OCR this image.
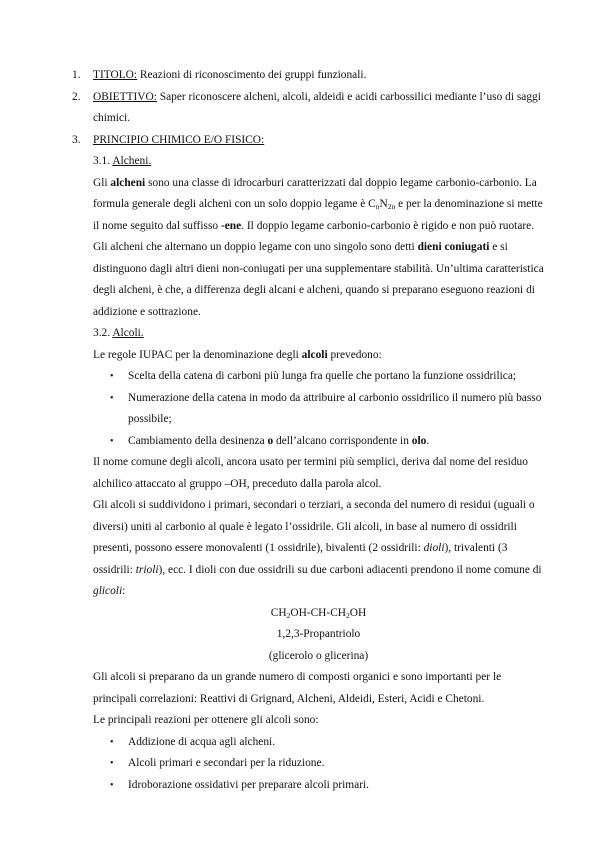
1. TITOLO: Reazioni di riconoscimento dei gruppi funzionali.
2. OBIETTIVO: Saper riconoscere alcheni, alcoli, aldeidi e acidi carbossilici mediante l’uso di saggi chimici.
3. PRINCIPIO CHIMICO E/O FISICO:
3.1. Alcheni.
Gli alcheni sono una classe di idrocarburi caratterizzati dal doppio legame carbonio-carbonio. La formula generale degli alcheni con un solo doppio legame è $C_nN_{2n}$ e per la denominazione si mette il nome seguito dal suffisso -ene. Il doppio legame carbonio-carbonio è rigido e non può ruotare. Gli alcheni che alternano un doppio legame con uno singolo sono detti dieni coniugati e si distinguono dagli altri dieni non-coniugati per una supplementare stabilità. Un’ultima caratteristica degli alcheni, è che, a differenza degli alcani e alcheni, quando si preparano eseguono reazioni di addizione e sottrazione.
3.2. Alcoli.
Le regole IUPAC per la denominazione degli alcoli prevedono:
• Scelta della catena di carboni più lunga fra quelle che portano la funzione ossidrilica;
• Numerazione della catena in modo da attribuire al carbonio ossidrilico il numero più basso possibile;
• Cambiamento della desinenza o dell’alcano corrispondente in olo.
Il nome comune degli alcoli, ancora usato per termini più semplici, deriva dal nome del residuo alchilico attaccato al gruppo –OH, preceduto dalla parola alcol.
Gli alcoli si suddividono i primari, secondari o terziari, a seconda del numero di residui (uguali o diversi) uniti al carbonio al quale è legato l’ossidrile. Gli alcoli, in base al numero di ossidrili presenti, possono essere monovalenti (1 ossidrile), bivalenti (2 ossidrili: dioli), trivalenti (3 ossidrili: trioli), ecc. I dioli con due ossidrili su due carboni adiacenti prendono il nome comune di glicoli:
$CH_2OH-CH-CH_2OH$
1,2,3-Propantriolo
(glicerolo o glicerina)
Gli alcoli si preparano da un grande numero di composti organici e sono importanti per le principali correlazioni: Reattivi di Grignard, Alcheni, Aldeidi, Esteri, Acidi e Chetoni.
Le principali reazioni per ottenere gli alcoli sono:
• Addizione di acqua agli alcheni.
• Alcoli primari e secondari per la riduzione.
• Idroborazione ossidativi per preparare alcoli primari.
